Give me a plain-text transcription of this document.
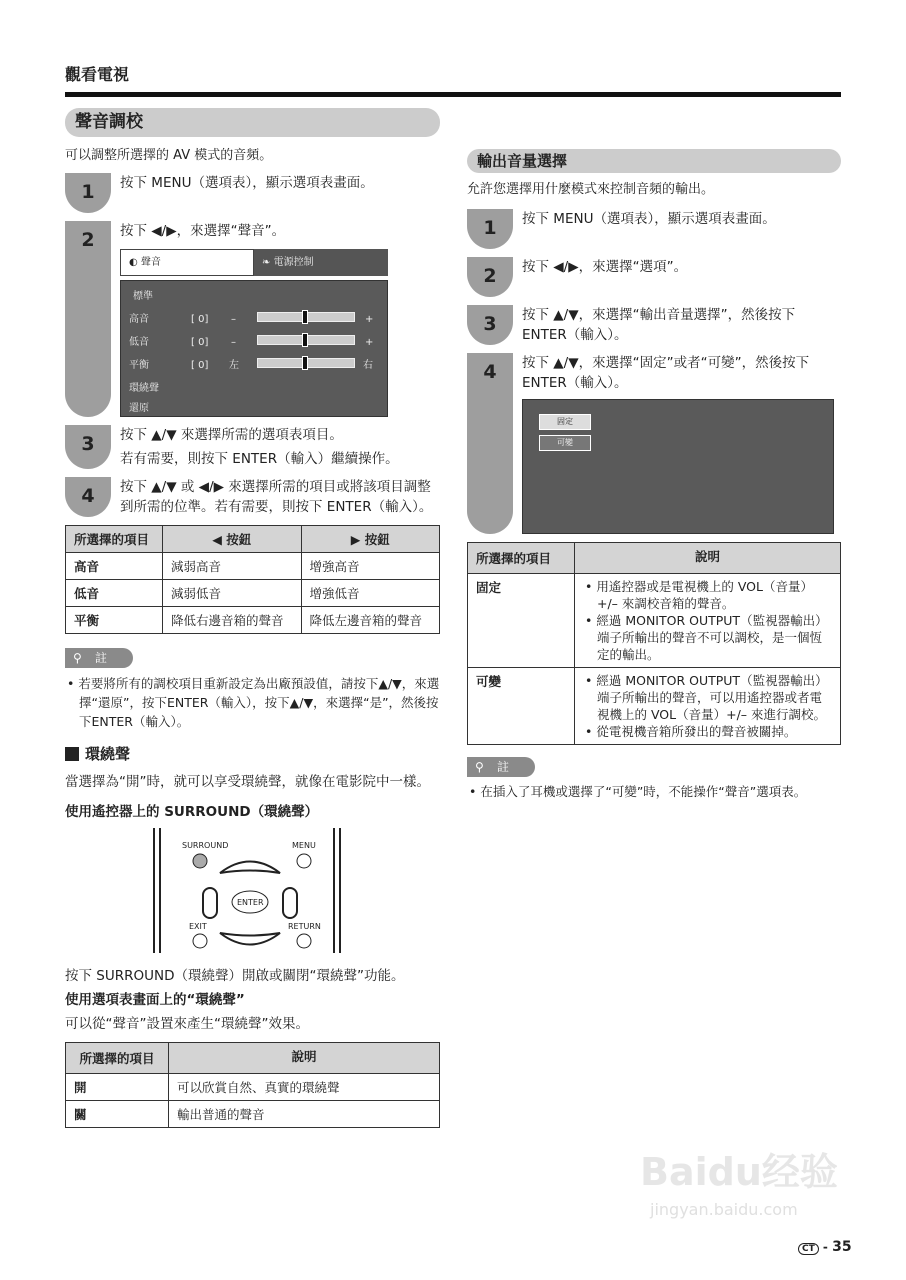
觀看電視
聲音調校
可以調整所選擇的 AV 模式的音頻。
1	按下 MENU（選項表），顯示選項表畫面。
2	按下 ◀/▶，來選擇“聲音”。
◐ 聲音	❧ 電源控制
標準
高音	[ 0] –	+
低音	[ 0] –	+
平衡	[ 0] 左	右
環繞聲
還原
3	按下 ▲/▼ 來選擇所需的選項表項目。
若有需要，則按下 ENTER（輸入）繼續操作。
4	按下 ▲/▼ 或 ◀/▶ 來選擇所需的項目或將該項目調整到所需的位準。若有需要，則按下 ENTER（輸入）。
所選擇的項目	◀ 按鈕	▶ 按鈕
高音	減弱高音	增強高音
低音	減弱低音	增強低音
平衡	降低右邊音箱的聲音	降低左邊音箱的聲音
⚲ 註
• 若要將所有的調校項目重新設定為出廠預設值，請按下▲/▼，來選擇“還原”，按下ENTER（輸入），按下▲/▼，來選擇“是”，然後按下ENTER（輸入）。
環繞聲
當選擇為“開”時，就可以享受環繞聲，就像在電影院中一樣。
使用遙控器上的 SURROUND（環繞聲）
SURROUND	MENU
ENTER
EXIT	RETURN
按下 SURROUND（環繞聲）開啟或關閉“環繞聲”功能。
使用選項表畫面上的“環繞聲”
可以從“聲音”設置來產生“環繞聲”效果。
所選擇的項目	說明
開	可以欣賞自然、真實的環繞聲
關	輸出普通的聲音
輸出音量選擇
允許您選擇用什麼模式來控制音頻的輸出。
1	按下 MENU（選項表），顯示選項表畫面。
2	按下 ◀/▶，來選擇“選項”。
3	按下 ▲/▼，來選擇“輸出音量選擇”，然後按下 ENTER（輸入）。
4	按下 ▲/▼，來選擇“固定”或者“可變”，然後按下 ENTER（輸入）。
固定
可變
所選擇的項目	說明
固定	• 用遙控器或是電視機上的 VOL（音量）+/– 來調校音箱的聲音。
• 經過 MONITOR OUTPUT（監視器輸出）端子所輸出的聲音不可以調校，是一個恆定的輸出。

可變	• 經過 MONITOR OUTPUT（監視器輸出）端子所輸出的聲音，可以用遙控器或者電視機上的 VOL（音量）+/– 來進行調校。
• 從電視機音箱所發出的聲音被關掉。
⚲ 註
• 在插入了耳機或選擇了“可變”時，不能操作“聲音”選項表。
Baidu经验
jingyan.baidu.com
CT - 35
